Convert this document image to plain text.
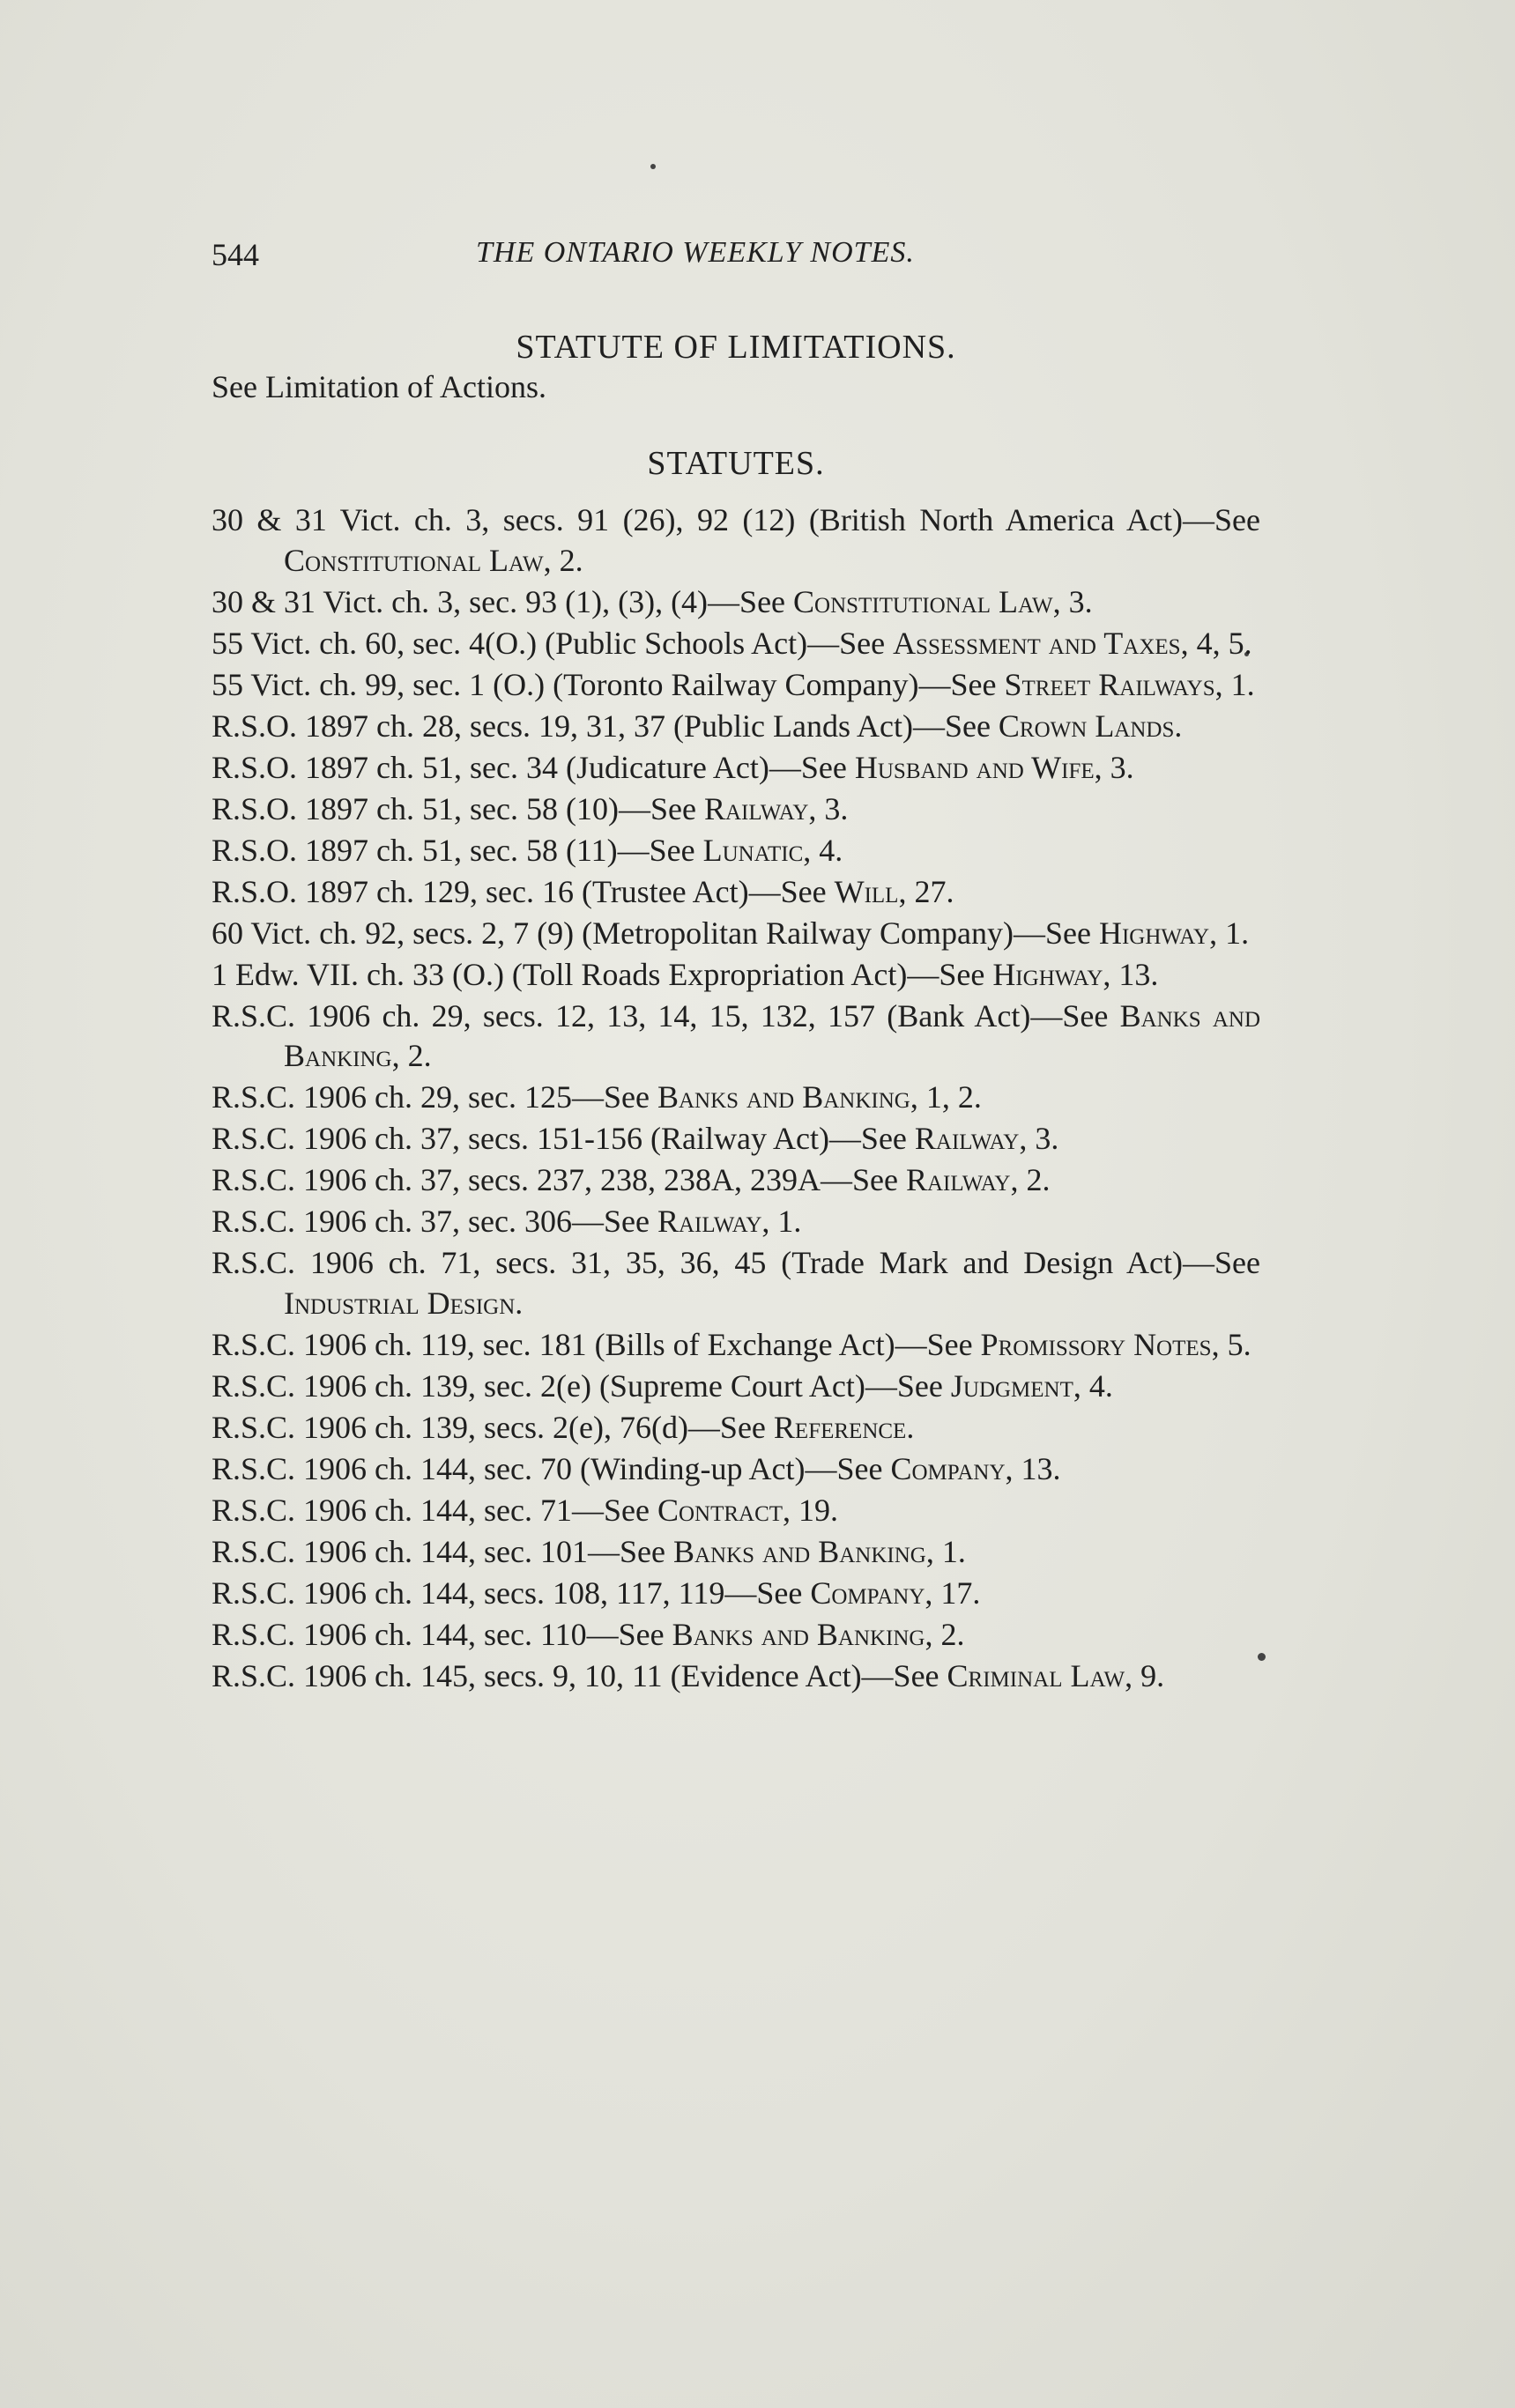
544	THE ONTARIO WEEKLY NOTES.
STATUTE OF LIMITATIONS.
See Limitation of Actions.
STATUTES.
30 & 31 Vict. ch. 3, secs. 91 (26), 92 (12) (British North America Act)—See Constitutional Law, 2.
30 & 31 Vict. ch. 3, sec. 93 (1), (3), (4)—See Constitutional Law, 3.
55 Vict. ch. 60, sec. 4(O.) (Public Schools Act)—See Assessment and Taxes, 4, 5.
55 Vict. ch. 99, sec. 1 (O.) (Toronto Railway Company)—See Street Railways, 1.
R.S.O. 1897 ch. 28, secs. 19, 31, 37 (Public Lands Act)—See Crown Lands.
R.S.O. 1897 ch. 51, sec. 34 (Judicature Act)—See Husband and Wife, 3.
R.S.O. 1897 ch. 51, sec. 58 (10)—See Railway, 3.
R.S.O. 1897 ch. 51, sec. 58 (11)—See Lunatic, 4.
R.S.O. 1897 ch. 129, sec. 16 (Trustee Act)—See Will, 27.
60 Vict. ch. 92, secs. 2, 7 (9) (Metropolitan Railway Company)—See Highway, 1.
1 Edw. VII. ch. 33 (O.) (Toll Roads Expropriation Act)—See Highway, 13.
R.S.C. 1906 ch. 29, secs. 12, 13, 14, 15, 132, 157 (Bank Act)—See Banks and Banking, 2.
R.S.C. 1906 ch. 29, sec. 125—See Banks and Banking, 1, 2.
R.S.C. 1906 ch. 37, secs. 151-156 (Railway Act)—See Railway, 3.
R.S.C. 1906 ch. 37, secs. 237, 238, 238A, 239A—See Railway, 2.
R.S.C. 1906 ch. 37, sec. 306—See Railway, 1.
R.S.C. 1906 ch. 71, secs. 31, 35, 36, 45 (Trade Mark and Design Act)—See Industrial Design.
R.S.C. 1906 ch. 119, sec. 181 (Bills of Exchange Act)—See Promissory Notes, 5.
R.S.C. 1906 ch. 139, sec. 2(e) (Supreme Court Act)—See Judgment, 4.
R.S.C. 1906 ch. 139, secs. 2(e), 76(d)—See Reference.
R.S.C. 1906 ch. 144, sec. 70 (Winding-up Act)—See Company, 13.
R.S.C. 1906 ch. 144, sec. 71—See Contract, 19.
R.S.C. 1906 ch. 144, sec. 101—See Banks and Banking, 1.
R.S.C. 1906 ch. 144, secs. 108, 117, 119—See Company, 17.
R.S.C. 1906 ch. 144, sec. 110—See Banks and Banking, 2.
R.S.C. 1906 ch. 145, secs. 9, 10, 11 (Evidence Act)—See Criminal Law, 9.
